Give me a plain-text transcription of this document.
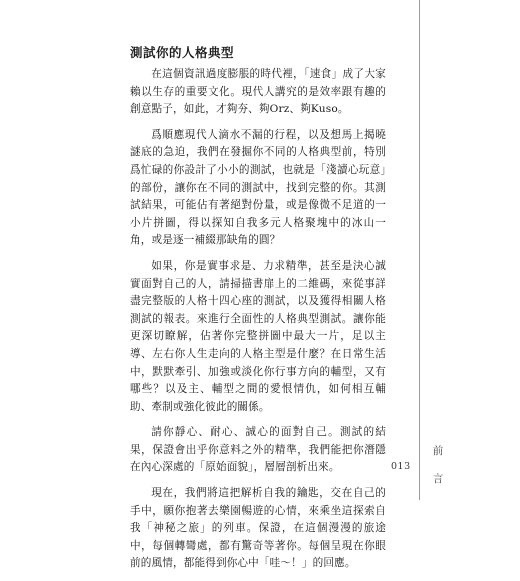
測試你的人格典型

在這個資訊過度膨脹的時代裡，「速食」成了大家賴以生存的重要文化。現代人講究的是效率跟有趣的創意點子，如此，才夠夯、夠Orz、夠Kuso。

爲順應現代人滴水不漏的行程，以及想馬上揭曉謎底的急迫，我們在發掘你不同的人格典型前，特別爲忙碌的你設計了小小的測試，也就是「淺讀心玩意」的部份，讓你在不同的測試中，找到完整的你。其測試結果，可能佔有著絕對份量，或是像微不足道的一小片拼圖，得以探知自我多元人格聚塊中的冰山一角，或是逐一補綴那缺角的圓？

如果，你是實事求是、力求精準，甚至是決心誠實面對自己的人，請掃描書扉上的二維碼，來從事詳盡完整版的人格十四心座的測試，以及獲得相關人格測試的報表。來進行全面性的人格典型測試。讓你能更深切瞭解，佔著你完整拼圖中最大一片，足以主導、左右你人生走向的人格主型是什麼？在日常生活中，默默牽引、加強或淡化你行事方向的輔型，又有哪些？以及主、輔型之間的愛恨情仇，如何相互輔助、牽制或強化彼此的關係。

請你靜心、耐心、誠心的面對自己。測試的結果，保證會出乎你意料之外的精準，我們能把你潛隱在內心深處的「原始面貌」，層層剖析出來。

現在，我們將這把解析自我的鑰匙，交在自己的手中，願你抱著去樂園暢遊的心情，來乘坐這探索自我「神秘之旅」的列車。保證，在這個漫漫的旅途中，每個轉彎處，都有驚奇等著你。每個呈現在你眼前的風情，都能得到你心中「哇～！」的回應。

013
前
言
